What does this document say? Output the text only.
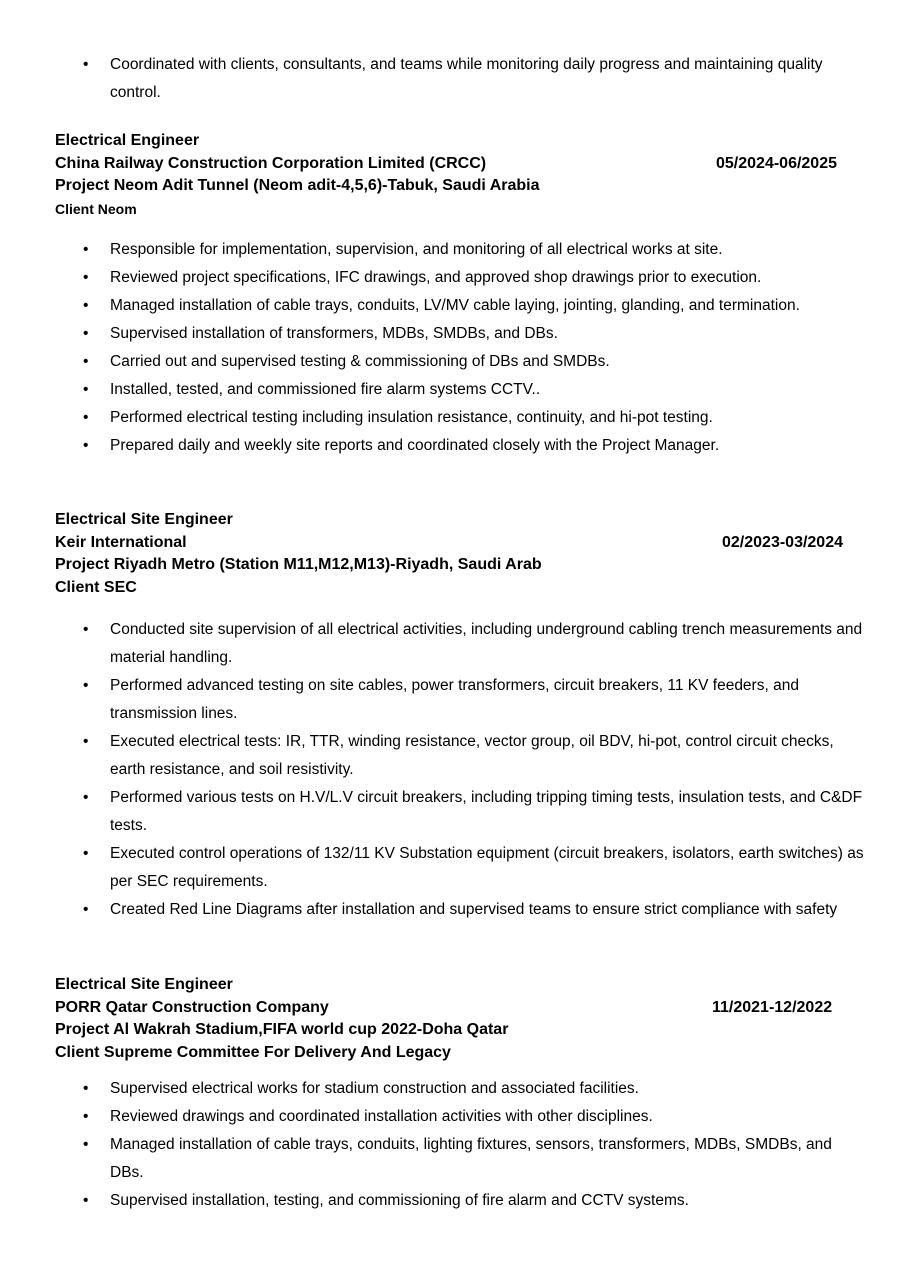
• Coordinated with clients, consultants, and teams while monitoring daily progress and maintaining quality control.
Electrical Engineer
China Railway Construction Corporation Limited (CRCC)	05/2024-06/2025
Project Neom Adit Tunnel (Neom adit-4,5,6)-Tabuk, Saudi Arabia
Client Neom
• Responsible for implementation, supervision, and monitoring of all electrical works at site.
• Reviewed project specifications, IFC drawings, and approved shop drawings prior to execution.
• Managed installation of cable trays, conduits, LV/MV cable laying, jointing, glanding, and termination.
• Supervised installation of transformers, MDBs, SMDBs, and DBs.
• Carried out and supervised testing & commissioning of DBs and SMDBs.
• Installed, tested, and commissioned fire alarm systems CCTV..
• Performed electrical testing including insulation resistance, continuity, and hi-pot testing.
• Prepared daily and weekly site reports and coordinated closely with the Project Manager.
Electrical Site Engineer
Keir International	02/2023-03/2024
Project Riyadh Metro (Station M11,M12,M13)-Riyadh, Saudi Arab
Client SEC
• Conducted site supervision of all electrical activities, including underground cabling trench measurements and material handling.
• Performed advanced testing on site cables, power transformers, circuit breakers, 11 KV feeders, and transmission lines.
• Executed electrical tests: IR, TTR, winding resistance, vector group, oil BDV, hi-pot, control circuit checks, earth resistance, and soil resistivity.
• Performed various tests on H.V/L.V circuit breakers, including tripping timing tests, insulation tests, and C&DF tests.
• Executed control operations of 132/11 KV Substation equipment (circuit breakers, isolators, earth switches) as per SEC requirements.
• Created Red Line Diagrams after installation and supervised teams to ensure strict compliance with safety
Electrical Site Engineer
PORR Qatar Construction Company	11/2021-12/2022
Project Al Wakrah Stadium,FIFA world cup 2022-Doha Qatar
Client Supreme Committee For Delivery And Legacy
• Supervised electrical works for stadium construction and associated facilities.
• Reviewed drawings and coordinated installation activities with other disciplines.
• Managed installation of cable trays, conduits, lighting fixtures, sensors, transformers, MDBs, SMDBs, and DBs.
• Supervised installation, testing, and commissioning of fire alarm and CCTV systems.
